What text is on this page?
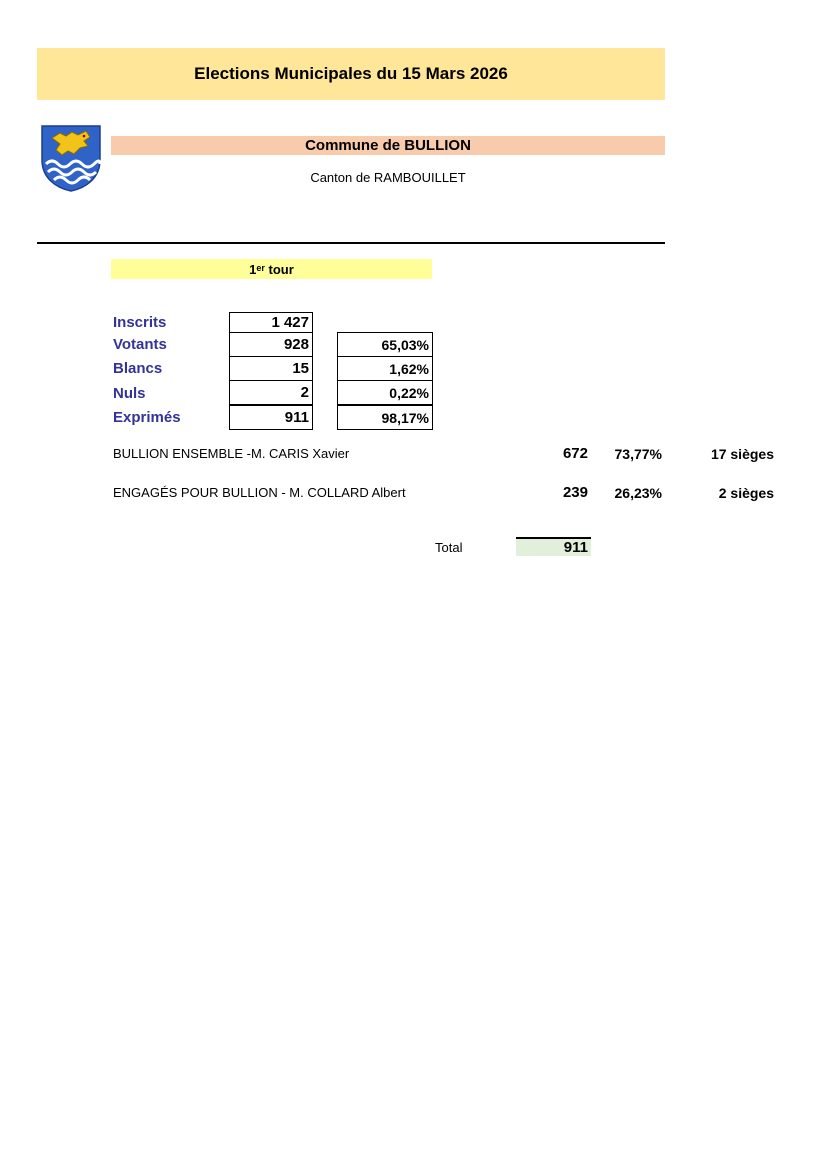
Elections Municipales du 15 Mars 2026
Commune de BULLION
Canton de RAMBOUILLET
1er tour
Inscrits	1 427
Votants	928	65,03%
Blancs	15	1,62%
Nuls	2	0,22%
Exprimés	911	98,17%
BULLION ENSEMBLE -M. CARIS Xavier	672	73,77%	17 sièges
ENGAGÉS POUR BULLION - M. COLLARD Albert	239	26,23%	2 sièges
Total	911
